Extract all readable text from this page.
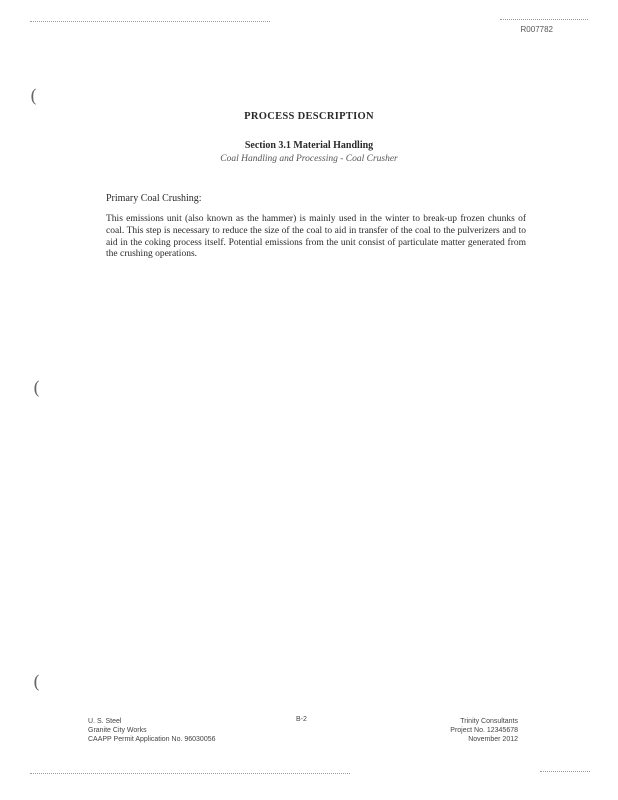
R007782
(
(
(
PROCESS DESCRIPTION
Section 3.1 Material Handling
Coal Handling and Processing - Coal Crusher
Primary Coal Crushing:

This emissions unit (also known as the hammer) is mainly used in the winter to break-up frozen chunks of coal. This step is necessary to reduce the size of the coal to aid in transfer of the coal to the pulverizers and to aid in the coking process itself. Potential emissions from the unit consist of particulate matter generated from the crushing operations.

U. S. Steel
Granite City Works
CAAPP Permit Application No. 96030056
B-2	Trinity Consultants
Project No. 12345678
November 2012
